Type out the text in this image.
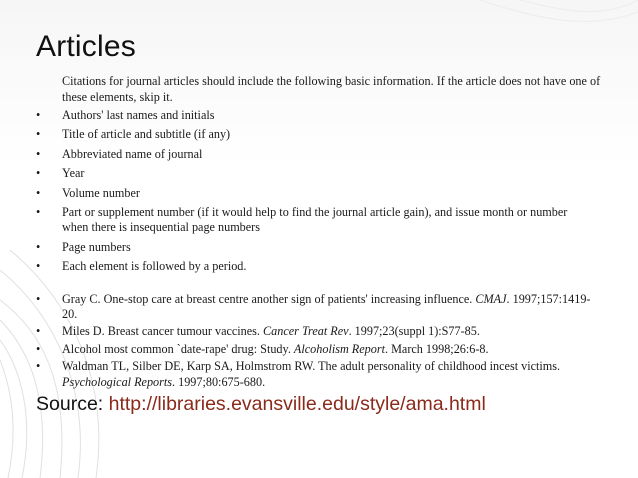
Articles
Citations for journal articles should include the following basic information. If the article does not have one of these elements, skip it.
•	Authors' last names and initials
•	Title of article and subtitle (if any)
•	Abbreviated name of journal
•	Year
•	Volume number
•	Part or supplement number (if it would help to find the journal article gain), and issue month or number when there is insequential page numbers
•	Page numbers
•	Each element is followed by a period.
•	Gray C. One-stop care at breast centre another sign of patients' increasing influence. CMAJ. 1997;157:1419-20.
•	Miles D. Breast cancer tumour vaccines. Cancer Treat Rev. 1997;23(suppl 1):S77-85.
•	Alcohol most common `date-rape' drug: Study. Alcoholism Report. March 1998;26:6-8.
•	Waldman TL, Silber DE, Karp SA, Holmstrom RW. The adult personality of childhood incest victims. Psychological Reports. 1997;80:675-680.
Source: http://libraries.evansville.edu/style/ama.html
